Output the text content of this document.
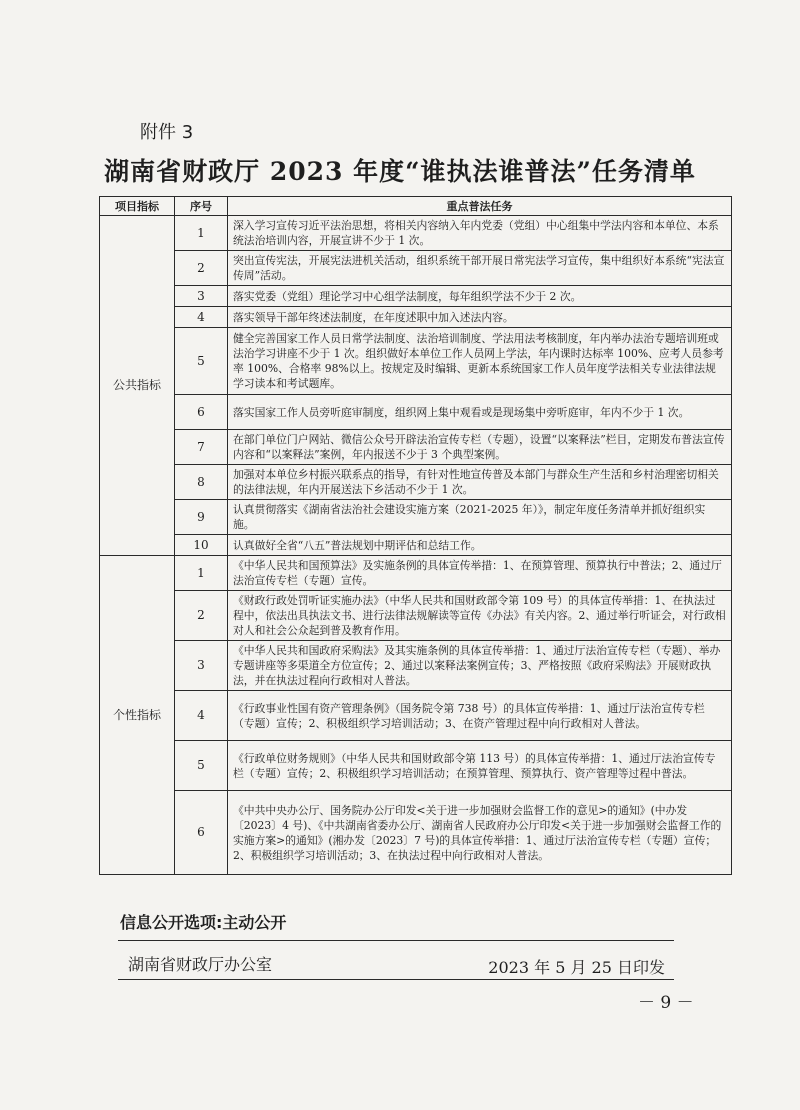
附件 3
湖南省财政厅 2023 年度“谁执法谁普法”任务清单
项目指标	序号	重点普法任务
公共指标	1	深入学习宣传习近平法治思想，将相关内容纳入年内党委（党组）中心组集中学法内容和本单位、本系统法治培训内容，开展宣讲不少于 1 次。
	2	突出宣传宪法，开展宪法进机关活动，组织系统干部开展日常宪法学习宣传，集中组织好本系统“宪法宣传周”活动。
	3	落实党委（党组）理论学习中心组学法制度，每年组织学法不少于 2 次。
	4	落实领导干部年终述法制度，在年度述职中加入述法内容。
	5	健全完善国家工作人员日常学法制度、法治培训制度、学法用法考核制度，年内举办法治专题培训班或法治学习讲座不少于 1 次。组织做好本单位工作人员网上学法，年内课时达标率 100%、应考人员参考率 100%、合格率 98%以上。按规定及时编辑、更新本系统国家工作人员年度学法相关专业法律法规学习读本和考试题库。
	6	落实国家工作人员旁听庭审制度，组织网上集中观看或是现场集中旁听庭审，年内不少于 1 次。
	7	在部门单位门户网站、微信公众号开辟法治宣传专栏（专题），设置“以案释法”栏目，定期发布普法宣传内容和“以案释法”案例，年内报送不少于 3 个典型案例。
	8	加强对本单位乡村振兴联系点的指导，有针对性地宣传普及本部门与群众生产生活和乡村治理密切相关的法律法规，年内开展送法下乡活动不少于 1 次。
	9	认真贯彻落实《湖南省法治社会建设实施方案（2021-2025 年）》，制定年度任务清单并抓好组织实施。
	10	认真做好全省“八五”普法规划中期评估和总结工作。
个性指标	1	《中华人民共和国预算法》及实施条例的具体宣传举措：1、在预算管理、预算执行中普法；2、通过厅法治宣传专栏（专题）宣传。
	2	《财政行政处罚听证实施办法》（中华人民共和国财政部令第 109 号）的具体宣传举措：1、在执法过程中，依法出具执法文书、进行法律法规解读等宣传《办法》有关内容。2、通过举行听证会，对行政相对人和社会公众起到普及教育作用。
	3	《中华人民共和国政府采购法》及其实施条例的具体宣传举措：1、通过厅法治宣传专栏（专题）、举办专题讲座等多渠道全方位宣传；2、通过以案释法案例宣传；3、严格按照《政府采购法》开展财政执法，并在执法过程向行政相对人普法。
	4	《行政事业性国有资产管理条例》（国务院令第 738 号）的具体宣传举措：1、通过厅法治宣传专栏（专题）宣传；2、积极组织学习培训活动；3、在资产管理过程中向行政相对人普法。
	5	《行政单位财务规则》（中华人民共和国财政部令第 113 号）的具体宣传举措：1、通过厅法治宣传专栏（专题）宣传；2、积极组织学习培训活动；在预算管理、预算执行、资产管理等过程中普法。
	6	《中共中央办公厅、国务院办公厅印发<关于进一步加强财会监督工作的意见>的通知》(中办发〔2023〕4 号)、《中共湖南省委办公厅、湖南省人民政府办公厅印发<关于进一步加强财会监督工作的实施方案>的通知》(湘办发〔2023〕7 号)的具体宣传举措：1、通过厅法治宣传专栏（专题）宣传；2、积极组织学习培训活动；3、在执法过程中向行政相对人普法。
信息公开选项:主动公开
湖南省财政厅办公室	2023 年 5 月 25 日印发
－ 9 －
